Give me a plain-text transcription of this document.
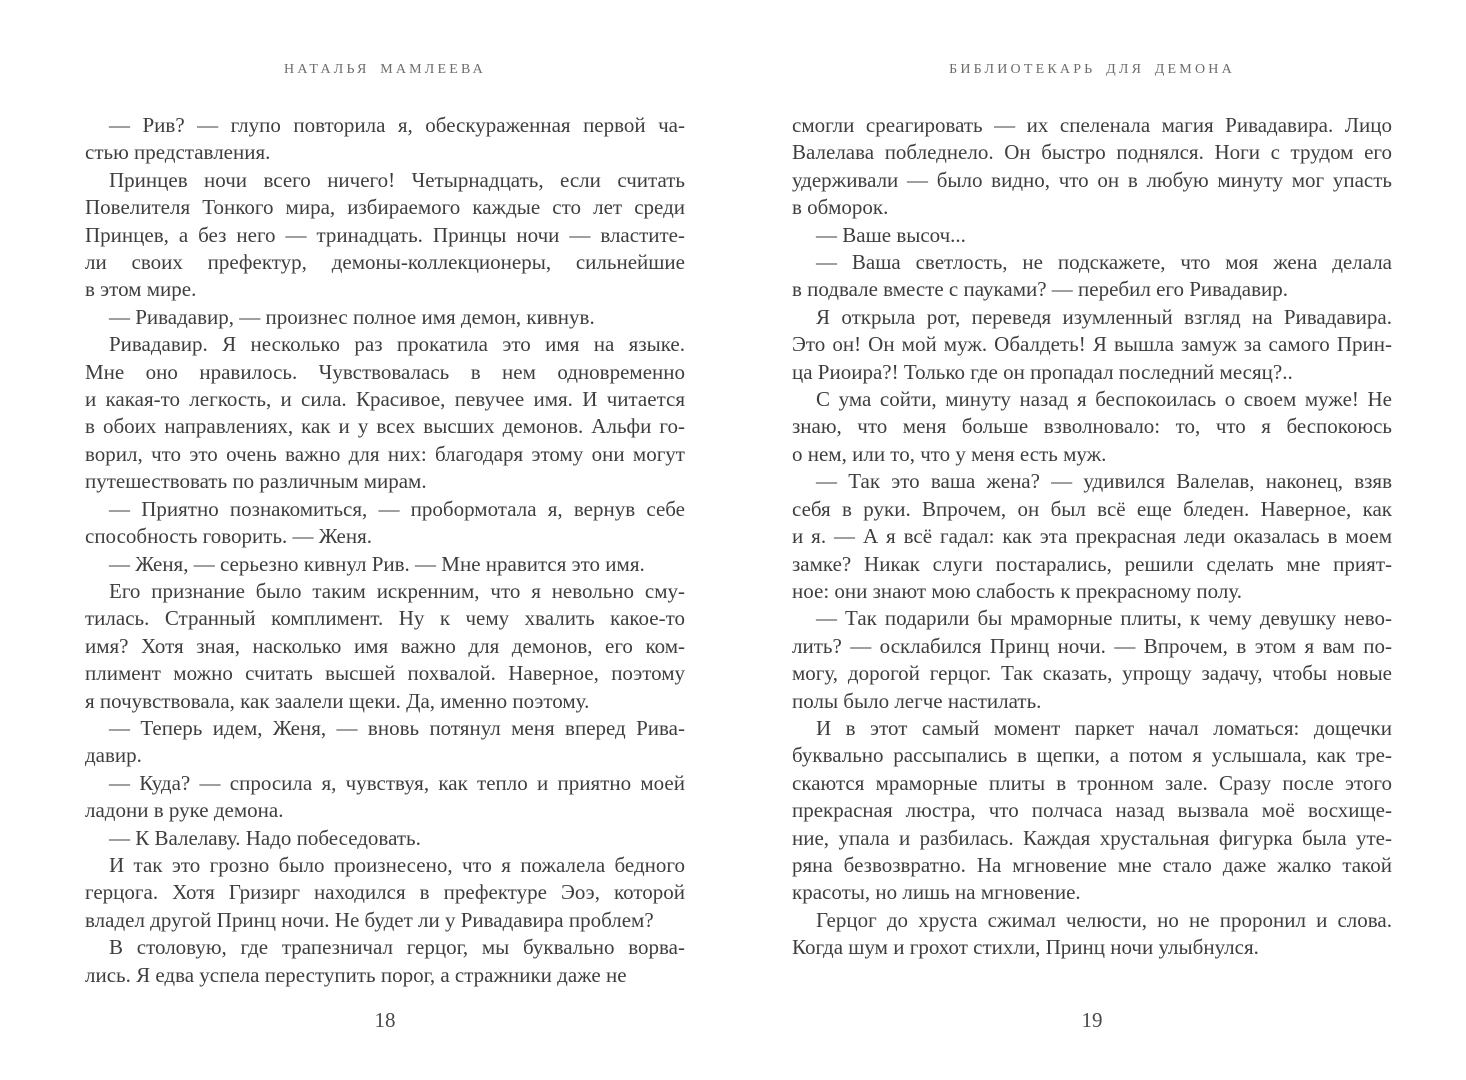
НАТАЛЬЯ МАМЛЕЕВА
— Рив? — глупо повторила я, обескураженная первой ча-
стью представления.
Принцев ночи всего ничего! Четырнадцать, если считать
Повелителя Тонкого мира, избираемого каждые сто лет среди
Принцев, а без него — тринадцать. Принцы ночи — властите-
ли своих префектур, демоны-коллекционеры, сильнейшие
в этом мире.
— Ривадавир, — произнес полное имя демон, кивнув.
Ривадавир. Я несколько раз прокатила это имя на языке.
Мне оно нравилось. Чувствовалась в нем одновременно
и какая-то легкость, и сила. Красивое, певучее имя. И читается
в обоих направлениях, как и у всех высших демонов. Альфи го-
ворил, что это очень важно для них: благодаря этому они могут
путешествовать по различным мирам.
— Приятно познакомиться, — пробормотала я, вернув себе
способность говорить. — Женя.
— Женя, — серьезно кивнул Рив. — Мне нравится это имя.
Его признание было таким искренним, что я невольно сму-
тилась. Странный комплимент. Ну к чему хвалить какое-то
имя? Хотя зная, насколько имя важно для демонов, его ком-
плимент можно считать высшей похвалой. Наверное, поэтому
я почувствовала, как заалели щеки. Да, именно поэтому.
— Теперь идем, Женя, — вновь потянул меня вперед Рива-
давир.
— Куда? — спросила я, чувствуя, как тепло и приятно моей
ладони в руке демона.
— К Валелаву. Надо побеседовать.
И так это грозно было произнесено, что я пожалела бедного
герцога. Хотя Гризирг находился в префектуре Эоэ, которой
владел другой Принц ночи. Не будет ли у Ривадавира проблем?
В столовую, где трапезничал герцог, мы буквально ворва-
лись. Я едва успела переступить порог, а стражники даже не
18
БИБЛИОТЕКАРЬ ДЛЯ ДЕМОНА
смогли среагировать — их спеленала магия Ривадавира. Лицо
Валелава побледнело. Он быстро поднялся. Ноги с трудом его
удерживали — было видно, что он в любую минуту мог упасть
в обморок.
— Ваше высоч...
— Ваша светлость, не подскажете, что моя жена делала
в подвале вместе с пауками? — перебил его Ривадавир.
Я открыла рот, переведя изумленный взгляд на Ривадавира.
Это он! Он мой муж. Обалдеть! Я вышла замуж за самого Прин-
ца Риоира?! Только где он пропадал последний месяц?..
С ума сойти, минуту назад я беспокоилась о своем муже! Не
знаю, что меня больше взволновало: то, что я беспокоюсь
о нем, или то, что у меня есть муж.
— Так это ваша жена? — удивился Валелав, наконец, взяв
себя в руки. Впрочем, он был всё еще бледен. Наверное, как
и я. — А я всё гадал: как эта прекрасная леди оказалась в моем
замке? Никак слуги постарались, решили сделать мне прият-
ное: они знают мою слабость к прекрасному полу.
— Так подарили бы мраморные плиты, к чему девушку нево-
лить? — осклабился Принц ночи. — Впрочем, в этом я вам по-
могу, дорогой герцог. Так сказать, упрощу задачу, чтобы новые
полы было легче настилать.
И в этот самый момент паркет начал ломаться: дощечки
буквально рассыпались в щепки, а потом я услышала, как тре-
скаются мраморные плиты в тронном зале. Сразу после этого
прекрасная люстра, что полчаса назад вызвала моё восхище-
ние, упала и разбилась. Каждая хрустальная фигурка была уте-
ряна безвозвратно. На мгновение мне стало даже жалко такой
красоты, но лишь на мгновение.
Герцог до хруста сжимал челюсти, но не проронил и слова.
Когда шум и грохот стихли, Принц ночи улыбнулся.
19
